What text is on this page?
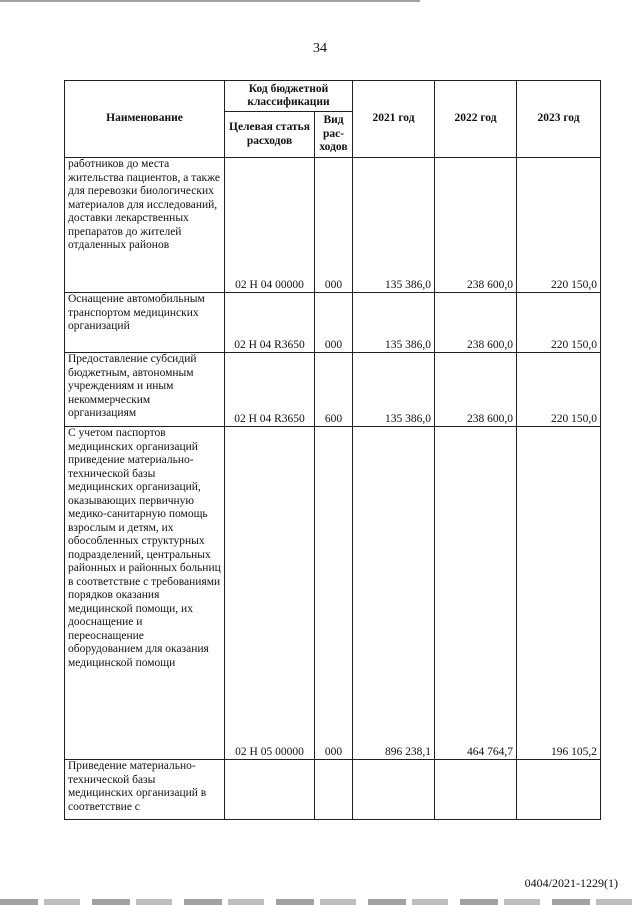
34
Наименование	Код бюджетной классификации		2021 год	2022 год	2023 год
	Целевая статья расходов	Вид рас-ходов			
работников до места жительства пациентов, а также для перевозки биологических материалов для исследований, доставки лекарственных препаратов до жителей отдаленных районов	02 Н 04 00000	000	135 386,0	238 600,0	220 150,0
Оснащение автомобильным транспортом медицинских организаций	02 Н 04 R3650	000	135 386,0	238 600,0	220 150,0
Предоставление субсидий бюджетным, автономным учреждениям и иным некоммерческим организациям	02 Н 04 R3650	600	135 386,0	238 600,0	220 150,0
С учетом паспортов медицинских организаций приведение материально-технической базы медицинских организаций, оказывающих первичную медико-санитарную помощь взрослым и детям, их обособленных структурных подразделений, центральных районных и районных больниц в соответствие с требованиями порядков оказания медицинской помощи, их дооснащение и переоснащение оборудованием для оказания медицинской помощи	02 Н 05 00000	000	896 238,1	464 764,7	196 105,2
Приведение материально-технической базы медицинских организаций в соответствие с					
0404/2021-1229(1)
